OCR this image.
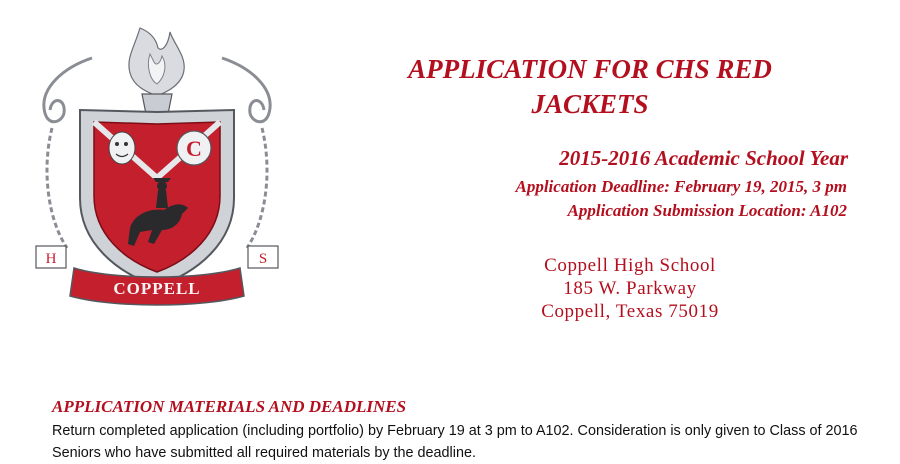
C
COPPELL
H	S
APPLICATION FOR CHS RED JACKETS
2015-2016 Academic School Year
Application Deadline: February 19, 2015, 3 pm
Application Submission Location: A102
Coppell High School
185 W. Parkway
Coppell, Texas 75019
APPLICATION MATERIALS AND DEADLINES
Return completed application (including portfolio) by February 19 at 3 pm to A102. Consideration is only given to Class of 2016 Seniors who have submitted all required materials by the deadline.
